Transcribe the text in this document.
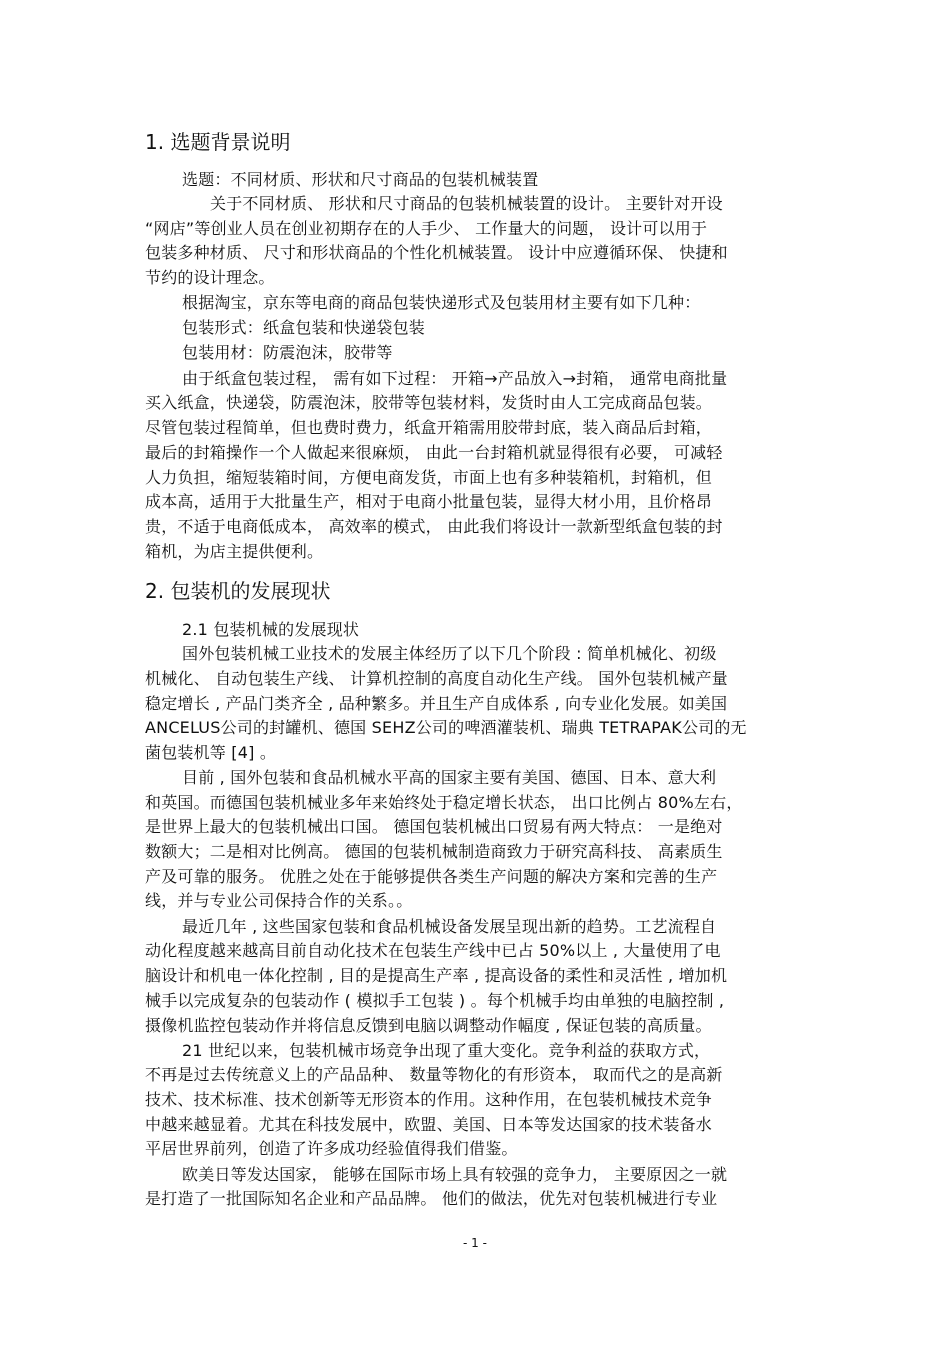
1. 选题背景说明

选题：不同材质、形状和尺寸商品的包装机械装置

关于不同材质、 形状和尺寸商品的包装机械装置的设计。 主要针对开设

“网店”等创业人员在创业初期存在的人手少、 工作量大的问题， 设计可以用于

包装多种材质、 尺寸和形状商品的个性化机械装置。 设计中应遵循环保、 快捷和

节约的设计理念。

根据淘宝，京东等电商的商品包装快递形式及包装用材主要有如下几种：

包装形式：纸盒包装和快递袋包装

包装用材：防震泡沫，胶带等

由于纸盒包装过程， 需有如下过程： 开箱→产品放入→封箱， 通常电商批量

买入纸盒，快递袋，防震泡沫，胶带等包装材料，发货时由人工完成商品包装。

尽管包装过程简单，但也费时费力，纸盒开箱需用胶带封底，装入商品后封箱，

最后的封箱操作一个人做起来很麻烦， 由此一台封箱机就显得很有必要， 可减轻

人力负担，缩短装箱时间，方便电商发货，市面上也有多种装箱机，封箱机，但

成本高，适用于大批量生产，相对于电商小批量包装，显得大材小用，且价格昂

贵，不适于电商低成本， 高效率的模式， 由此我们将设计一款新型纸盒包装的封

箱机，为店主提供便利。

2. 包装机的发展现状

2.1 包装机械的发展现状

国外包装机械工业技术的发展主体经历了以下几个阶段 : 简单机械化、初级

机械化、 自动包装生产线、 计算机控制的高度自动化生产线。 国外包装机械产量

稳定增长 , 产品门类齐全 , 品种繁多。并且生产自成体系 , 向专业化发展。如美国

ANCELUS公司的封罐机、德国 SEHZ公司的啤酒灌装机、瑞典 TETRAPAK公司的无

菌包装机等 [4] 。

目前 , 国外包装和食品机械水平高的国家主要有美国、德国、日本、意大利

和英国。而德国包装机械业多年来始终处于稳定增长状态， 出口比例占 80%左右，

是世界上最大的包装机械出口国。 德国包装机械出口贸易有两大特点： 一是绝对

数额大；二是相对比例高。 德国的包装机械制造商致力于研究高科技、 高素质生

产及可靠的服务。 优胜之处在于能够提供各类生产问题的解决方案和完善的生产

线，并与专业公司保持合作的关系。。

最近几年 , 这些国家包装和食品机械设备发展呈现出新的趋势。工艺流程自

动化程度越来越高目前自动化技术在包装生产线中已占 50%以上 , 大量使用了电

脑设计和机电一体化控制 , 目的是提高生产率 , 提高设备的柔性和灵活性 , 增加机

械手以完成复杂的包装动作 ( 模拟手工包装 ) 。每个机械手均由单独的电脑控制 ,

摄像机监控包装动作并将信息反馈到电脑以调整动作幅度 , 保证包装的高质量。

21 世纪以来，包装机械市场竞争出现了重大变化。竞争利益的获取方式，

不再是过去传统意义上的产品品种、 数量等物化的有形资本， 取而代之的是高新

技术、技术标准、技术创新等无形资本的作用。这种作用，在包装机械技术竞争

中越来越显着。尤其在科技发展中，欧盟、美国、日本等发达国家的技术装备水

平居世界前列，创造了许多成功经验值得我们借鉴。

欧美日等发达国家， 能够在国际市场上具有较强的竞争力， 主要原因之一就

是打造了一批国际知名企业和产品品牌。 他们的做法，优先对包装机械进行专业

- 1 -
